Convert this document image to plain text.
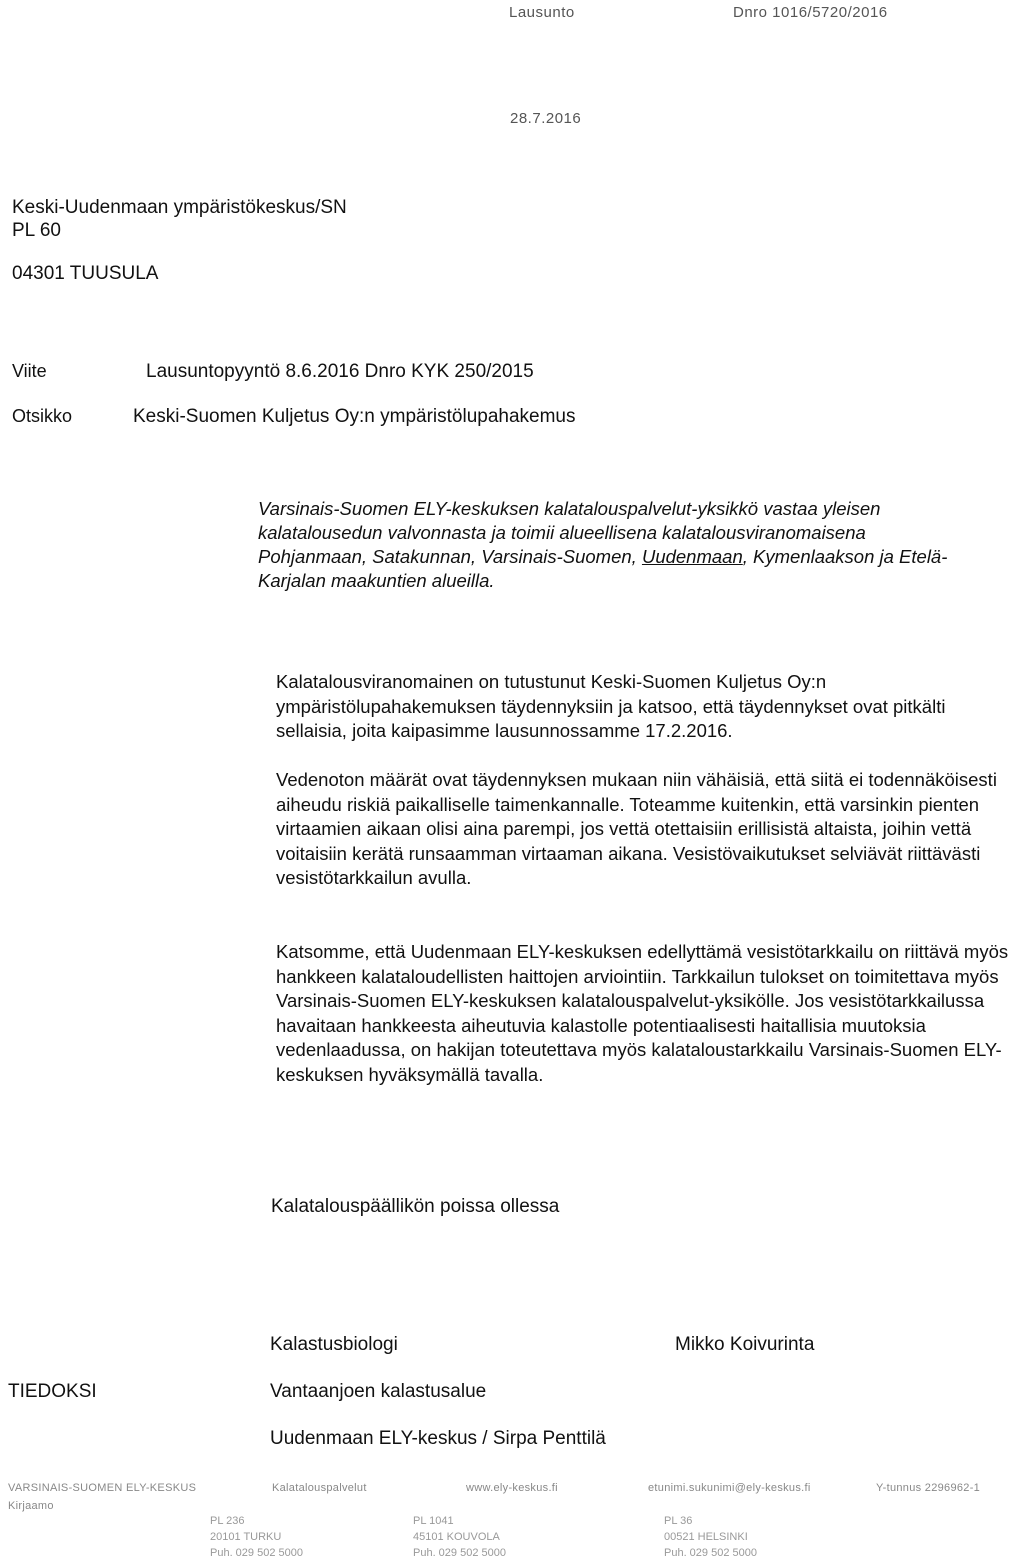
Lausunto	Dnro 1016/5720/2016
28.7.2016
Keski-Uudenmaan ympäristökeskus/SN
PL 60
04301 TUUSULA
Viite	Lausuntopyyntö 8.6.2016 Dnro KYK 250/2015
Otsikko	Keski-Suomen Kuljetus Oy:n ympäristölupahakemus
Varsinais-Suomen ELY-keskuksen kalatalouspalvelut-yksikkö vastaa yleisen kalatalousedun valvonnasta ja toimii alueellisena kalatalousviranomaisena Pohjanmaan, Satakunnan, Varsinais-Suomen, Uudenmaan, Kymenlaakson ja Etelä-Karjalan maakuntien alueilla.

Kalatalousviranomainen on tutustunut Keski-Suomen Kuljetus Oy:n ympäristölupahakemuksen täydennyksiin ja katsoo, että täydennykset ovat pitkälti sellaisia, joita kaipasimme lausunnossamme 17.2.2016.

Vedenoton määrät ovat täydennyksen mukaan niin vähäisiä, että siitä ei todennäköisesti aiheudu riskiä paikalliselle taimenkannalle. Toteamme kuitenkin, että varsinkin pienten virtaamien aikaan olisi aina parempi, jos vettä otettaisiin erillisistä altaista, joihin vettä voitaisiin kerätä runsaamman virtaaman aikana. Vesistövaikutukset selviävät riittävästi vesistötarkkailun avulla.

Katsomme, että Uudenmaan ELY-keskuksen edellyttämä vesistötarkkailu on riittävä myös hankkeen kalataloudellisten haittojen arviointiin. Tarkkailun tulokset on toimitettava myös Varsinais-Suomen ELY-keskuksen kalatalouspalvelut-yksikölle. Jos vesistötarkkailussa havaitaan hankkeesta aiheutuvia kalastolle potentiaalisesti haitallisia muutoksia vedenlaadussa, on hakijan toteutettava myös kalataloustarkkailu Varsinais-Suomen ELY-keskuksen hyväksymällä tavalla.

Kalatalouspäällikön poissa ollessa
Kalastusbiologi	Mikko Koivurinta
TIEDOKSI	Vantaanjoen kalastusalue
Uudenmaan ELY-keskus / Sirpa Penttilä
VARSINAIS-SUOMEN ELY-KESKUS	Kalatalouspalvelut	www.ely-keskus.fi	etunimi.sukunimi@ely-keskus.fi	Y-tunnus 2296962-1
Kirjaamo
PL 236
20101 TURKU
Puh. 029 502 5000
PL 1041
45101 KOUVOLA
Puh. 029 502 5000
PL 36
00521 HELSINKI
Puh. 029 502 5000
